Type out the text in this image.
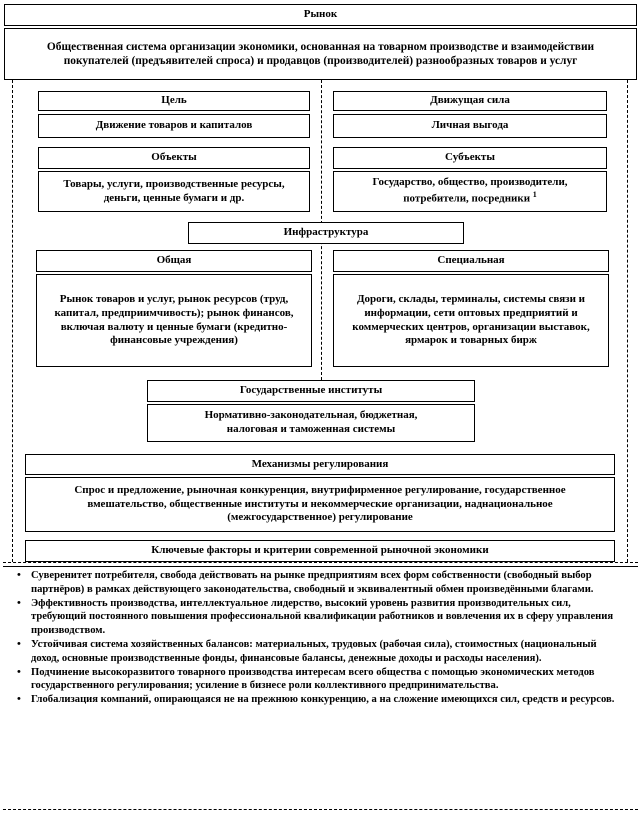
Рынок
Общественная система организации экономики, основанная на товарном производстве и взаимодействии покупателей (предъявителей спроса) и продавцов (производителей) разнообразных товаров и услуг
Цель
Движение товаров и капиталов
Движущая сила
Личная выгода
Объекты
Товары, услуги, производственные ресурсы, деньги, ценные бумаги и др.
Субъекты
Государство, общество, производители, потребители, посредники $^1$
Инфраструктура
Общая
Рынок товаров и услуг, рынок ресурсов (труд, капитал, предприимчивость); рынок финансов, включая валюту и ценные бумаги (кредитно-финансовые учреждения)
Специальная
Дороги, склады, терминалы, системы связи и информации, сети оптовых предприятий и коммерческих центров, организации выставок, ярмарок и товарных бирж
Государственные институты
Нормативно-законодательная, бюджетная, налоговая и таможенная системы
Механизмы регулирования
Спрос и предложение, рыночная конкуренция, внутрифирменное регулирование, государственное вмешательство, общественные институты и некоммерческие организации, наднациональное (межгосударственное) регулирование
Ключевые факторы и критерии современной рыночной экономики
• Суверенитет потребителя, свобода действовать на рынке предприятиям всех форм собственности (свободный выбор партнёров) в рамках действующего законодательства, свободный и эквивалентный обмен произведёнными благами.
• Эффективность производства, интеллектуальное лидерство, высокий уровень развития производительных сил, требующий постоянного повышения профессиональной квалификации работников и вовлечения их в сферу управления производством.
• Устойчивая система хозяйственных балансов: материальных, трудовых (рабочая сила), стоимостных (национальный доход, основные производственные фонды, финансовые балансы, денежные доходы и расходы населения).
• Подчинение высокоразвитого товарного производства интересам всего общества с помощью экономических методов государственного регулирования; усиление в бизнесе роли коллективного предпринимательства.
• Глобализация компаний, опирающаяся не на прежнюю конкуренцию, а на сложение имеющихся сил, средств и ресурсов.
